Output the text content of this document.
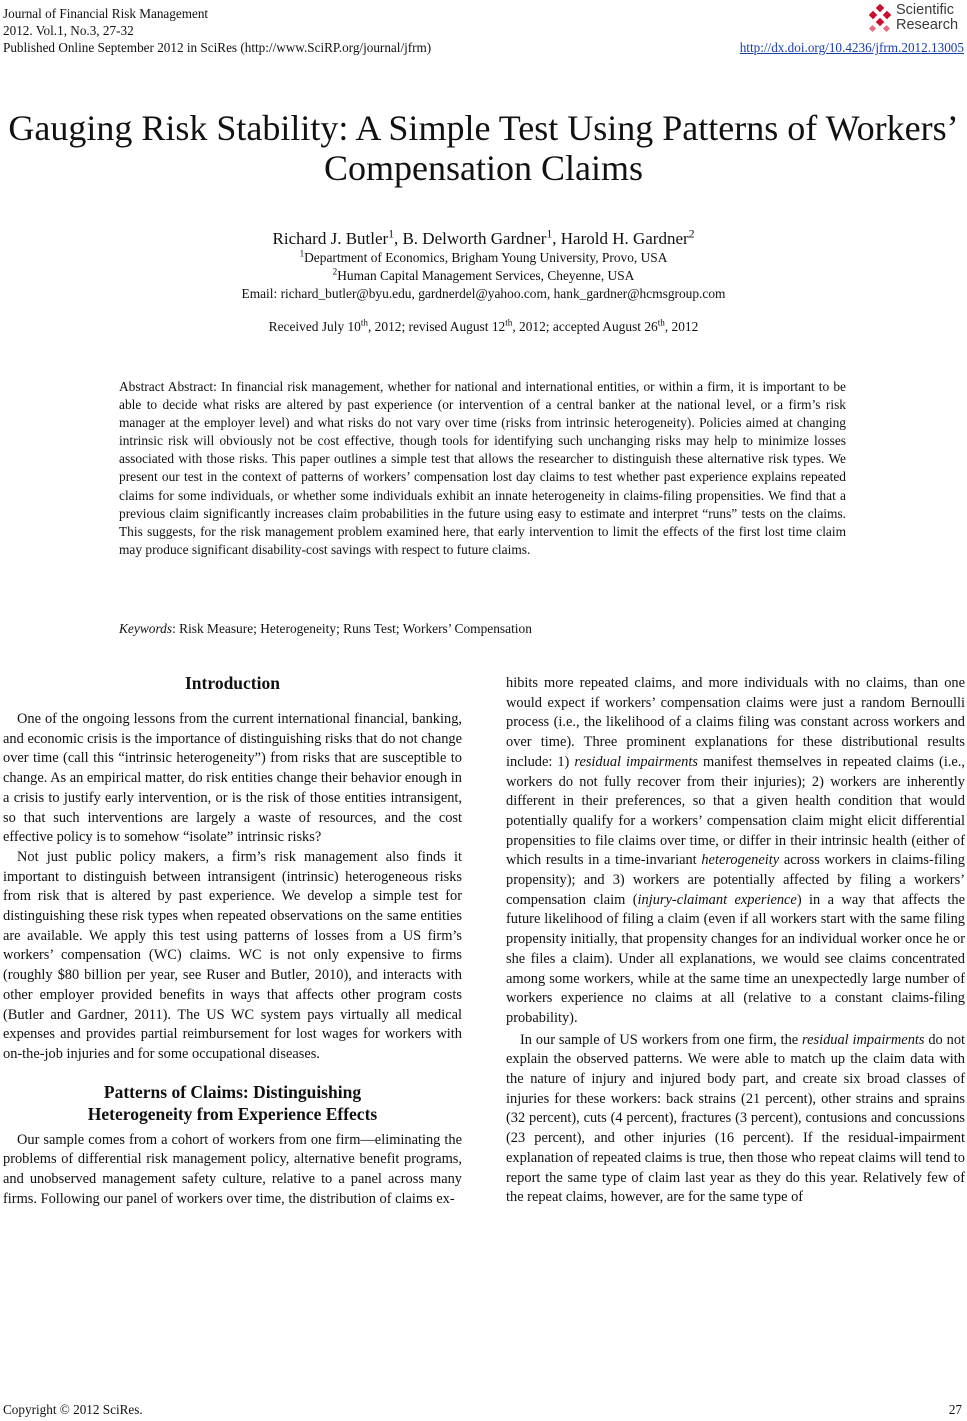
Journal of Financial Risk Management
2012. Vol.1, No.3, 27-32
Published Online September 2012 in SciRes (http://www.SciRP.org/journal/jfrm)
Scientific
Research
http://dx.doi.org/10.4236/jfrm.2012.13005
Gauging Risk Stability: A Simple Test Using Patterns of Workers’
Compensation Claims
Richard J. Butler$^1$, B. Delworth Gardner$^1$, Harold H. Gardner$^2$
$^1$Department of Economics, Brigham Young University, Provo, USA
$^2$Human Capital Management Services, Cheyenne, USA
Email: richard_butler@byu.edu, gardnerdel@yahoo.com, hank_gardner@hcmsgroup.com
Received July 10th, 2012; revised August 12th, 2012; accepted August 26th, 2012

Abstract Abstract: In financial risk management, whether for national and international entities, or within a firm, it is important to be able to decide what risks are altered by past experience (or intervention of a central banker at the national level, or a firm’s risk manager at the employer level) and what risks do not vary over time (risks from intrinsic heterogeneity). Policies aimed at changing intrinsic risk will obviously not be cost effective, though tools for identifying such unchanging risks may help to minimize losses associated with those risks. This paper outlines a simple test that allows the researcher to distinguish these alternative risk types. We present our test in the context of patterns of workers’ compensation lost day claims to test whether past experience explains repeated claims for some individuals, or whether some individuals exhibit an innate heterogeneity in claims-filing propensities. We find that a previous claim significantly increases claim probabilities in the future using easy to estimate and interpret “runs” tests on the claims. This suggests, for the risk management problem examined here, that early intervention to limit the effects of the first lost time claim may produce significant disability-cost savings with respect to future claims.

Keywords: Risk Measure; Heterogeneity; Runs Test; Workers’ Compensation
Introduction

One of the ongoing lessons from the current international financial, banking, and economic crisis is the importance of distinguishing risks that do not change over time (call this “intrinsic heterogeneity”) from risks that are susceptible to change. As an empirical matter, do risk entities change their behavior enough in a crisis to justify early intervention, or is the risk of those entities intransigent, so that such interventions are largely a waste of resources, and the cost effective policy is to somehow “isolate” intrinsic risks?

Not just public policy makers, a firm’s risk management also finds it important to distinguish between intransigent (intrinsic) heterogeneous risks from risk that is altered by past experience. We develop a simple test for distinguishing these risk types when repeated observations on the same entities are available. We apply this test using patterns of losses from a US firm’s workers’ compensation (WC) claims. WC is not only expensive to firms (roughly $80 billion per year, see Ruser and Butler, 2010), and interacts with other employer provided benefits in ways that affects other program costs (Butler and Gardner, 2011). The US WC system pays virtually all medical expenses and provides partial reimbursement for lost wages for workers with on-the-job injuries and for some occupational diseases.

Patterns of Claims: Distinguishing
Heterogeneity from Experience Effects

Our sample comes from a cohort of workers from one firm—eliminating the problems of differential risk management policy, alternative benefit programs, and unobserved management safety culture, relative to a panel across many firms. Following our panel of workers over time, the distribution of claims ex-

hibits more repeated claims, and more individuals with no claims, than one would expect if workers’ compensation claims were just a random Bernoulli process (i.e., the likelihood of a claims filing was constant across workers and over time). Three prominent explanations for these distributional results include: 1) residual impairments manifest themselves in repeated claims (i.e., workers do not fully recover from their injuries); 2) workers are inherently different in their preferences, so that a given health condition that would potentially qualify for a workers’ compensation claim might elicit differential propensities to file claims over time, or differ in their intrinsic health (either of which results in a time-invariant heterogeneity across workers in claims-filing propensity); and 3) workers are potentially affected by filing a workers’ compensation claim (injury-claimant experience) in a way that affects the future likelihood of filing a claim (even if all workers start with the same filing propensity initially, that propensity changes for an individual worker once he or she files a claim). Under all explanations, we would see claims concentrated among some workers, while at the same time an unexpectedly large number of workers experience no claims at all (relative to a constant claims-filing probability).

In our sample of US workers from one firm, the residual impairments do not explain the observed patterns. We were able to match up the claim data with the nature of injury and injured body part, and create six broad classes of injuries for these workers: back strains (21 percent), other strains and sprains (32 percent), cuts (4 percent), fractures (3 percent), contusions and concussions (23 percent), and other injuries (16 percent). If the residual-impairment explanation of repeated claims is true, then those who repeat claims will tend to report the same type of claim last year as they do this year. Relatively few of the repeat claims, however, are for the same type of

Copyright © 2012 SciRes.	27
